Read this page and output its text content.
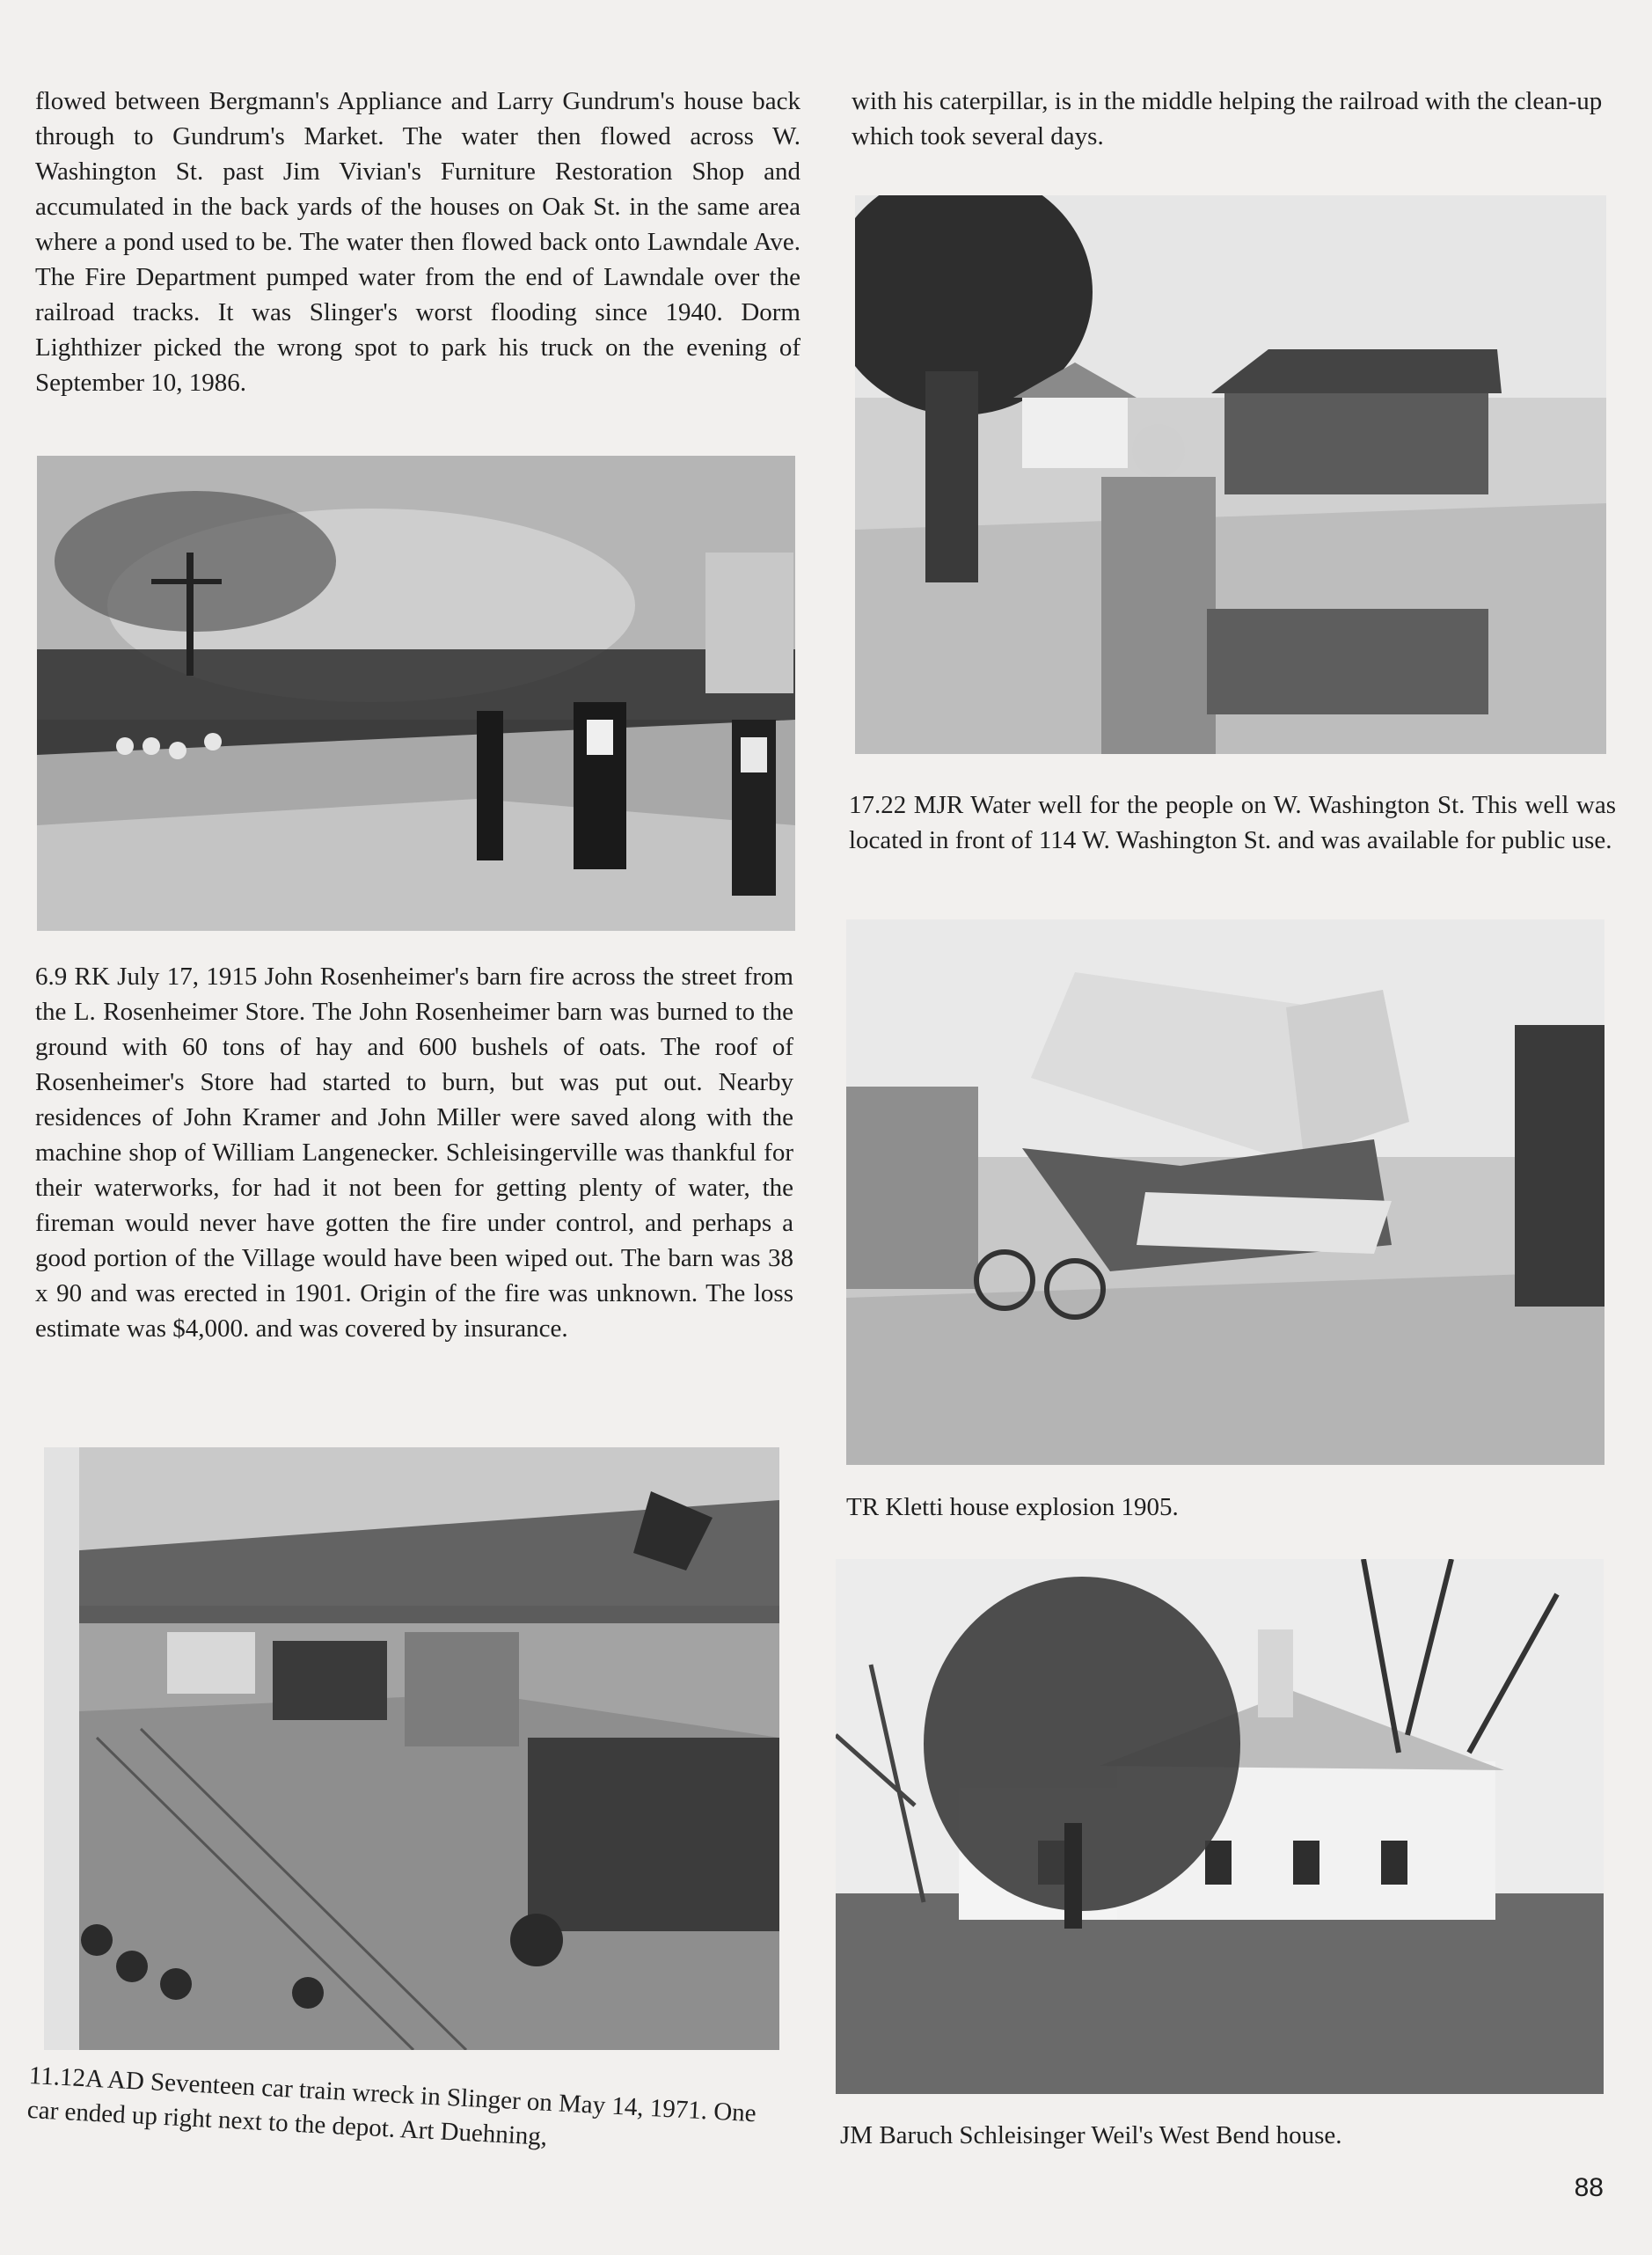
flowed between Bergmann's Appliance and Larry Gundrum's house back through to Gundrum's Market. The water then flowed across W. Washington St. past Jim Vivian's Furniture Restoration Shop and accumulated in the back yards of the houses on Oak St. in the same area where a pond used to be. The water then flowed back onto Lawndale Ave. The Fire Department pumped water from the end of Lawndale over the railroad tracks. It was Slinger's worst flooding since 1940. Dorm Lighthizer picked the wrong spot to park his truck on the evening of September 10, 1986.

6.9 RK July 17, 1915 John Rosenheimer's barn fire across the street from the L. Rosenheimer Store. The John Rosenheimer barn was burned to the ground with 60 tons of hay and 600 bushels of oats. The roof of Rosenheimer's Store had started to burn, but was put out. Nearby residences of John Kramer and John Miller were saved along with the machine shop of William Langenecker. Schleisingerville was thankful for their waterworks, for had it not been for getting plenty of water, the fireman would never have gotten the fire under control, and perhaps a good portion of the Village would have been wiped out. The barn was 38 x 90 and was erected in 1901. Origin of the fire was unknown. The loss estimate was $4,000. and was covered by insurance.

11.12A AD Seventeen car train wreck in Slinger on May 14, 1971. One car ended up right next to the depot. Art Duehning,

with his caterpillar, is in the middle helping the railroad with the clean-up which took several days.

17.22 MJR Water well for the people on W. Washington St. This well was located in front of 114 W. Washington St. and was available for public use.

TR Kletti house explosion 1905.

JM Baruch Schleisinger Weil's West Bend house.

88
